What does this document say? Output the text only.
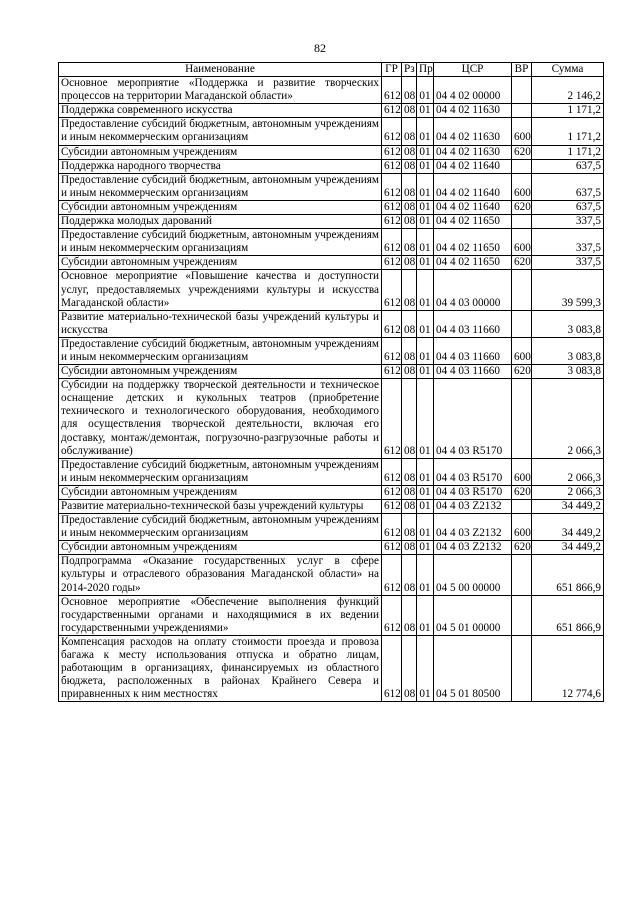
82
Наименование	ГР	Рз	Пр	ЦСР	ВР	Сумма
Основное мероприятие «Поддержка и развитие творческих процессов на территории Магаданской области»	612	08	01	04 4 02 00000		2 146,2
Поддержка современного искусства	612	08	01	04 4 02 11630		1 171,2
Предоставление субсидий бюджетным, автономным учреждениям и иным некоммерческим организациям	612	08	01	04 4 02 11630	600	1 171,2
Субсидии автономным учреждениям	612	08	01	04 4 02 11630	620	1 171,2
Поддержка народного творчества	612	08	01	04 4 02 11640		637,5
Предоставление субсидий бюджетным, автономным учреждениям и иным некоммерческим организациям	612	08	01	04 4 02 11640	600	637,5
Субсидии автономным учреждениям	612	08	01	04 4 02 11640	620	637,5
Поддержка молодых дарований	612	08	01	04 4 02 11650		337,5
Предоставление субсидий бюджетным, автономным учреждениям и иным некоммерческим организациям	612	08	01	04 4 02 11650	600	337,5
Субсидии автономным учреждениям	612	08	01	04 4 02 11650	620	337,5
Основное мероприятие «Повышение качества и доступности услуг, предоставляемых учреждениями культуры и искусства Магаданской области»	612	08	01	04 4 03 00000		39 599,3
Развитие материально-технической базы учреждений культуры и искусства	612	08	01	04 4 03 11660		3 083,8
Предоставление субсидий бюджетным, автономным учреждениям и иным некоммерческим организациям	612	08	01	04 4 03 11660	600	3 083,8
Субсидии автономным учреждениям	612	08	01	04 4 03 11660	620	3 083,8
Субсидии на поддержку творческой деятельности и техническое оснащение детских и кукольных театров (приобретение технического и технологического оборудования, необходимого для осуществления творческой деятельности, включая его доставку, монтаж/демонтаж, погрузочно-разгрузочные работы и обслуживание)	612	08	01	04 4 03 R5170		2 066,3
Предоставление субсидий бюджетным, автономным учреждениям и иным некоммерческим организациям	612	08	01	04 4 03 R5170	600	2 066,3
Субсидии автономным учреждениям	612	08	01	04 4 03 R5170	620	2 066,3
Развитие материально-технической базы учреждений культуры	612	08	01	04 4 03 Z2132		34 449,2
Предоставление субсидий бюджетным, автономным учреждениям и иным некоммерческим организациям	612	08	01	04 4 03 Z2132	600	34 449,2
Субсидии автономным учреждениям	612	08	01	04 4 03 Z2132	620	34 449,2
Подпрограмма «Оказание государственных услуг в сфере культуры и отраслевого образования Магаданской области» на 2014-2020 годы»	612	08	01	04 5 00 00000		651 866,9
Основное мероприятие «Обеспечение выполнения функций государственными органами и находящимися в их ведении государственными учреждениями»	612	08	01	04 5 01 00000		651 866,9
Компенсация расходов на оплату стоимости проезда и провоза багажа к месту использования отпуска и обратно лицам, работающим в организациях, финансируемых из областного бюджета, расположенных в районах Крайнего Севера и приравненных к ним местностях	612	08	01	04 5 01 80500		12 774,6
